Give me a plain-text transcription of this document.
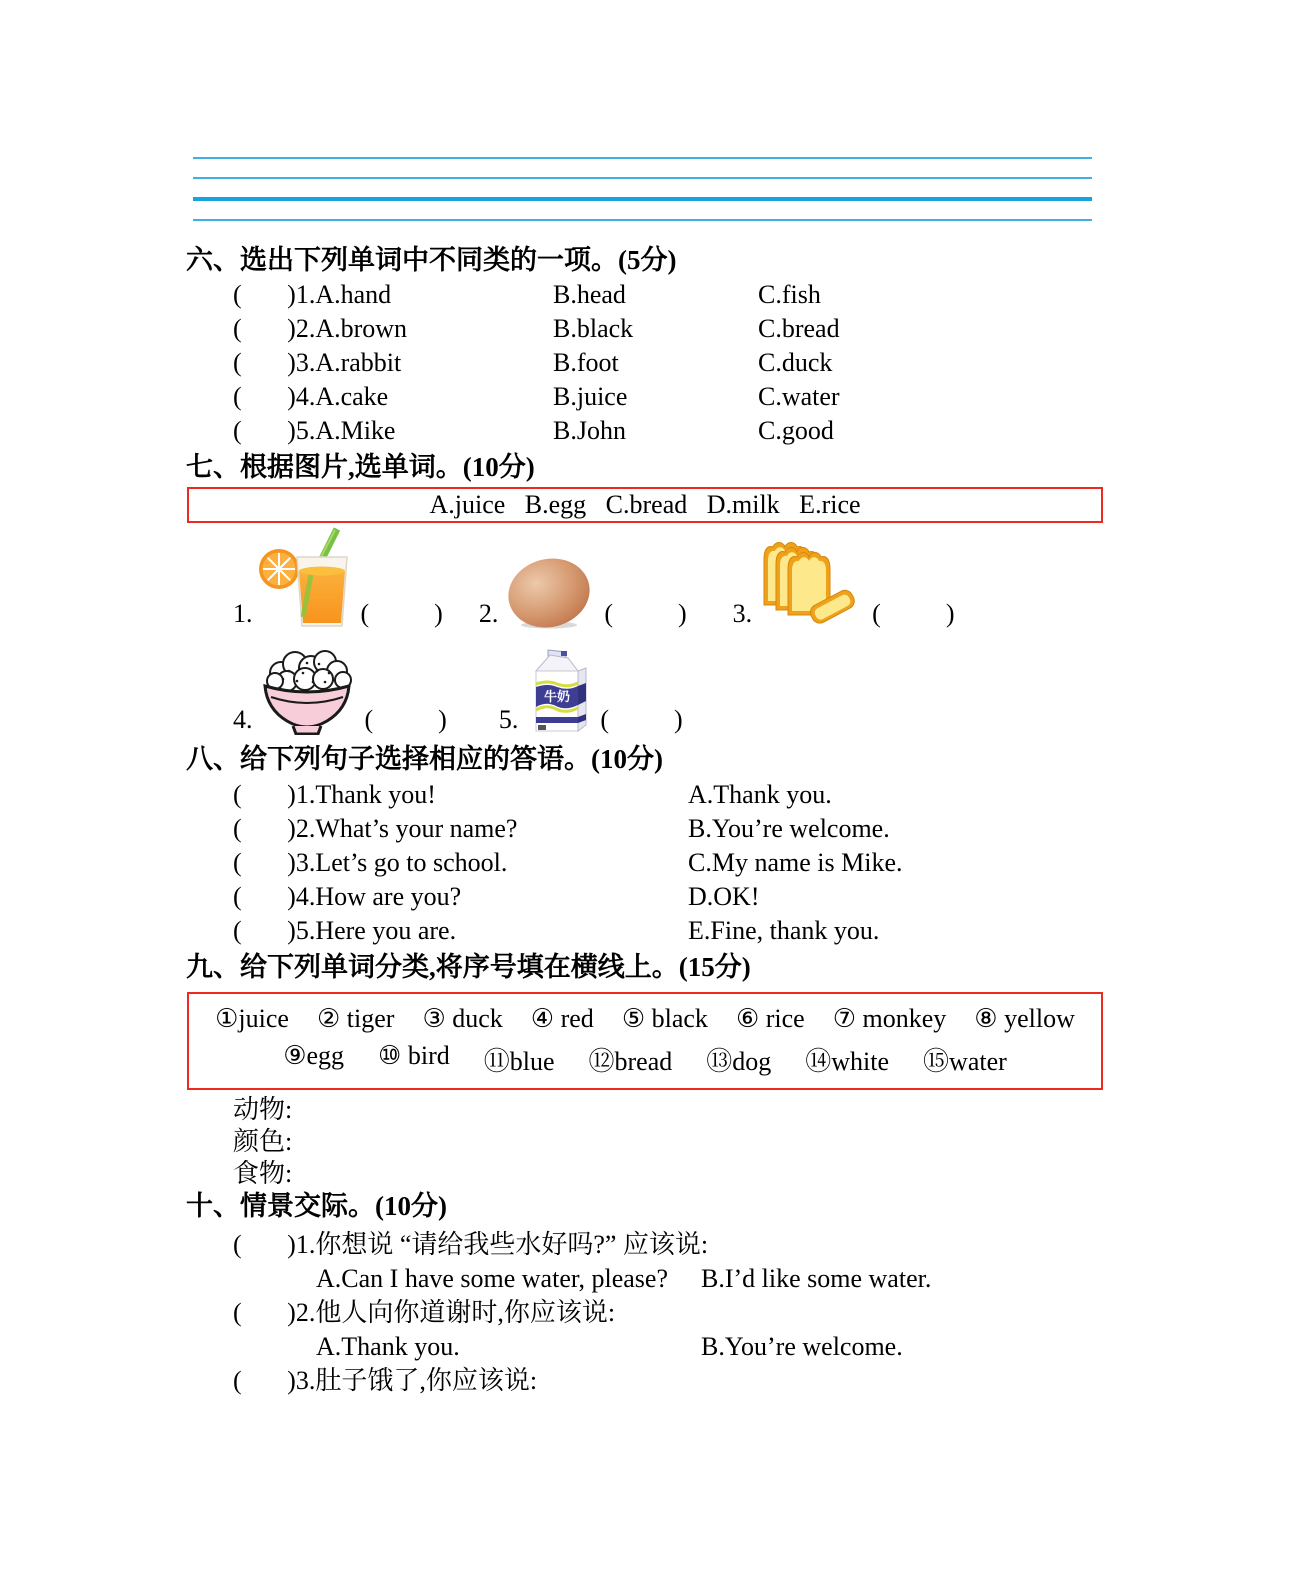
六、选出下列单词中不同类的一项。(5分)
(       )1.A.hand	B.head	C.fish
(       )2.A.brown	B.black	C.bread
(       )3.A.rabbit	B.foot	C.duck
(       )4.A.cake	B.juice	C.water
(       )5.A.Mike	B.John	C.good
七、根据图片,选单词。(10分)
A.juice   B.egg   C.bread   D.milk   E.rice
1.	(          ) 2.	(          ) 3.	(          )
4.	(          ) 5.
牛奶
(          )
八、给下列句子选择相应的答语。(10分)
(       )1.Thank you!	A.Thank you.
(       )2.What’s your name?	B.You’re welcome.
(       )3.Let’s go to school.	C.My name is Mike.
(       )4.How are you?	D.OK!
(       )5.Here you are.	E.Fine, thank you.
九、给下列单词分类,将序号填在横线上。(15分)
①juice ② tiger ③ duck ④ red ⑤ black ⑥ rice ⑦ monkey ⑧ yellow
⑨egg ⑩ bird ⑪blue ⑫bread ⑬dog ⑭white ⑮water
动物:
颜色:
食物:
十、情景交际。(10分)
(       )1.你想说 “请给我些水好吗?” 应该说:
A.Can I have some water, please?	B.I’d like some water.
(       )2.他人向你道谢时,你应该说:
A.Thank you.	B.You’re welcome.
(       )3.肚子饿了,你应该说:
